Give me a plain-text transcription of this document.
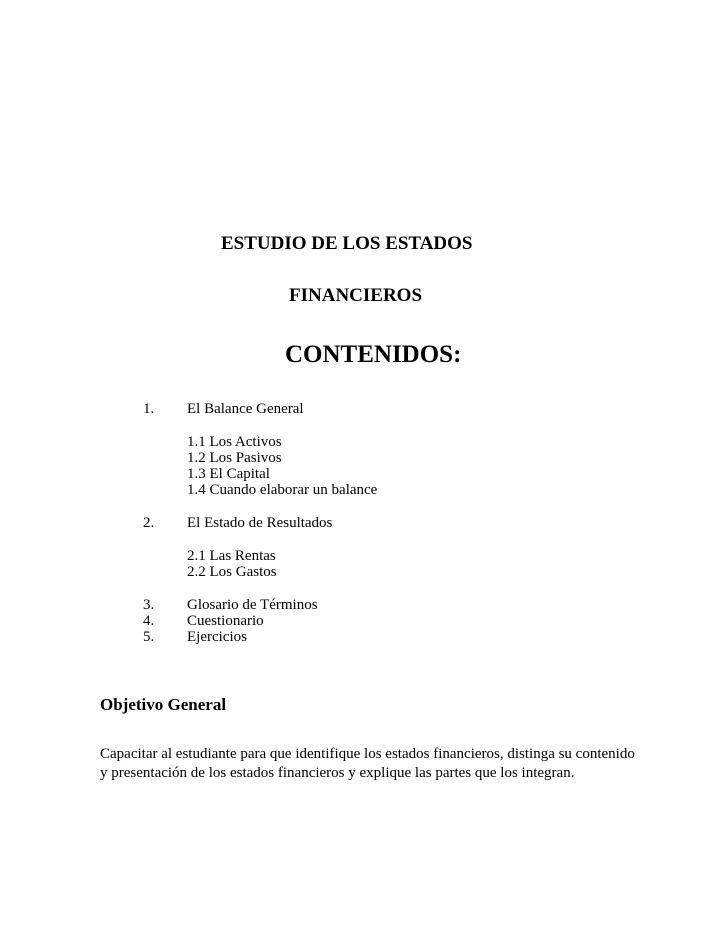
ESTUDIO DE LOS ESTADOS
FINANCIEROS
CONTENIDOS:
1. El Balance General
1.1 Los Activos
1.2 Los Pasivos
1.3 El Capital
1.4 Cuando elaborar un balance
2. El Estado de Resultados
2.1 Las Rentas
2.2 Los Gastos
3. Glosario de Términos
4. Cuestionario
5. Ejercicios
Objetivo General
Capacitar al estudiante para que identifique los estados financieros, distinga su contenido y presentación de los estados financieros y explique las partes que los integran.
